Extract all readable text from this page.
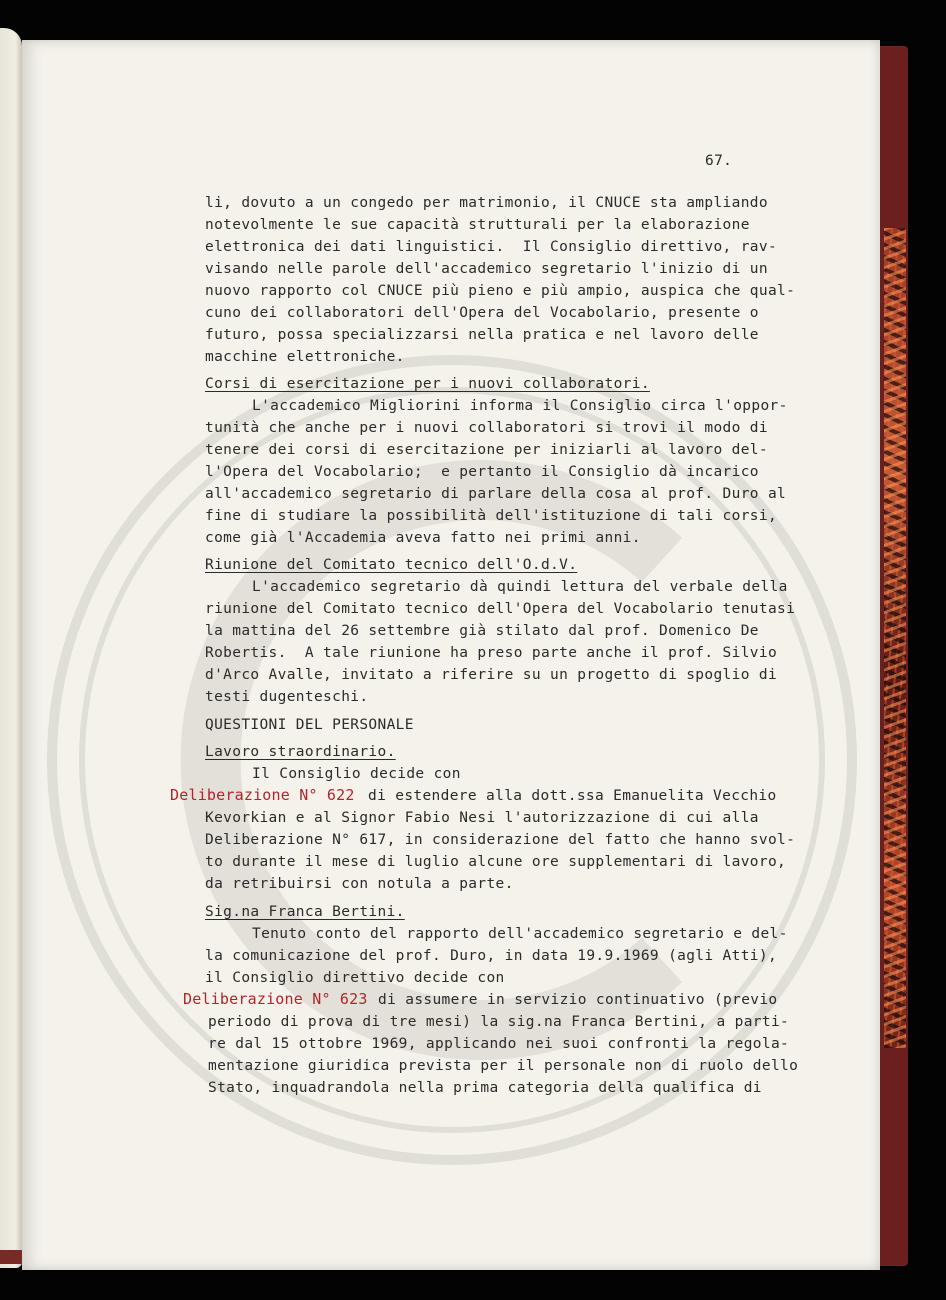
67.
li, dovuto a un congedo per matrimonio, il CNUCE sta ampliando
notevolmente le sue capacità strutturali per la elaborazione
elettronica dei dati linguistici.  Il Consiglio direttivo, rav-
visando nelle parole dell'accademico segretario l'inizio di un
nuovo rapporto col CNUCE più pieno e più ampio, auspica che qual-
cuno dei collaboratori dell'Opera del Vocabolario, presente o
futuro, possa specializzarsi nella pratica e nel lavoro delle
macchine elettroniche.
Corsi di esercitazione per i nuovi collaboratori.
L'accademico Migliorini informa il Consiglio circa l'oppor-
tunità che anche per i nuovi collaboratori si trovi il modo di
tenere dei corsi di esercitazione per iniziarli al lavoro del-
l'Opera del Vocabolario;  e pertanto il Consiglio dà incarico
all'accademico segretario di parlare della cosa al prof. Duro al
fine di studiare la possibilità dell'istituzione di tali corsi,
come già l'Accademia aveva fatto nei primi anni.
Riunione del Comitato tecnico dell'O.d.V.
L'accademico segretario dà quindi lettura del verbale della
riunione del Comitato tecnico dell'Opera del Vocabolario tenutasi
la mattina del 26 settembre già stilato dal prof. Domenico De
Robertis.  A tale riunione ha preso parte anche il prof. Silvio
d'Arco Avalle, invitato a riferire su un progetto di spoglio di
testi dugenteschi.
QUESTIONI DEL PERSONALE
Lavoro straordinario.
Il Consiglio decide con
Deliberazione N° 622 di estendere alla dott.ssa Emanuelita Vecchio
Kevorkian e al Signor Fabio Nesi l'autorizzazione di cui alla
Deliberazione N° 617, in considerazione del fatto che hanno svol-
to durante il mese di luglio alcune ore supplementari di lavoro,
da retribuirsi con notula a parte.
Sig.na Franca Bertini.
Tenuto conto del rapporto dell'accademico segretario e del-
la comunicazione del prof. Duro, in data 19.9.1969 (agli Atti),
il Consiglio direttivo decide con
Deliberazione N° 623 di assumere in servizio continuativo (previo
periodo di prova di tre mesi) la sig.na Franca Bertini, a parti-
re dal 15 ottobre 1969, applicando nei suoi confronti la regola-
mentazione giuridica prevista per il personale non di ruolo dello
Stato, inquadrandola nella prima categoria della qualifica di
